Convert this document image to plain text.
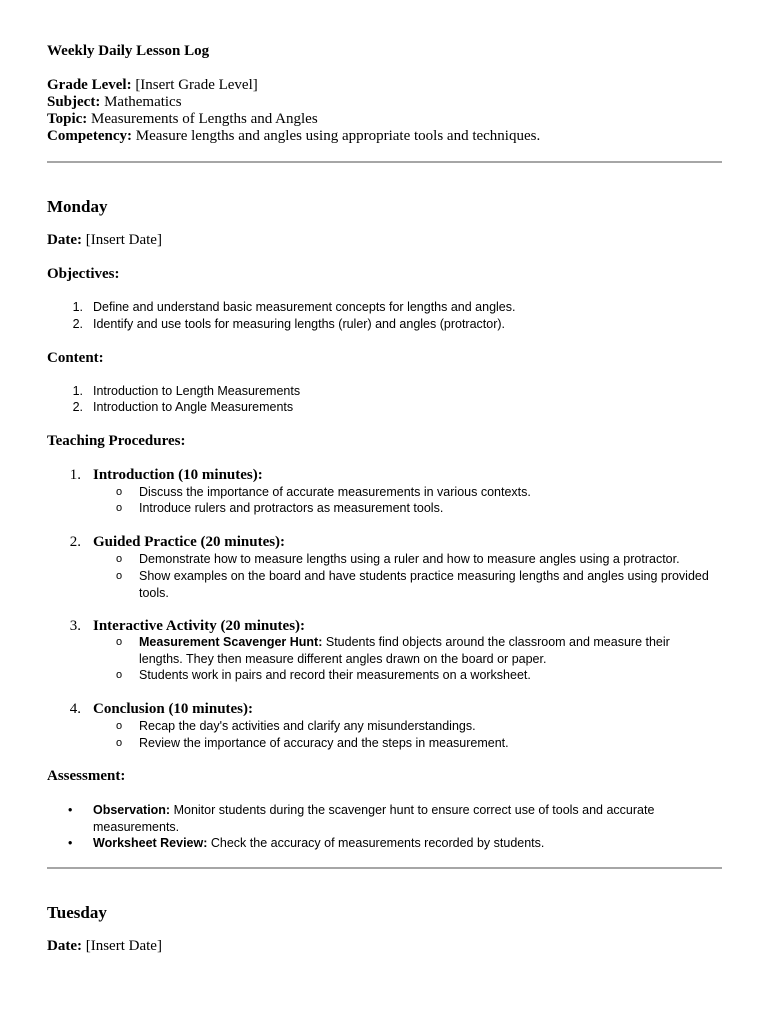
Weekly Daily Lesson Log
Grade Level: [Insert Grade Level]
Subject: Mathematics
Topic: Measurements of Lengths and Angles
Competency: Measure lengths and angles using appropriate tools and techniques.
Monday
Date: [Insert Date]
Objectives:
1. Define and understand basic measurement concepts for lengths and angles.
2. Identify and use tools for measuring lengths (ruler) and angles (protractor).
Content:
1. Introduction to Length Measurements
2. Introduction to Angle Measurements
Teaching Procedures:
1. Introduction (10 minutes):
o Discuss the importance of accurate measurements in various contexts.
o Introduce rulers and protractors as measurement tools.
2. Guided Practice (20 minutes):
o Demonstrate how to measure lengths using a ruler and how to measure angles using a protractor.
o Show examples on the board and have students practice measuring lengths and angles using provided tools.
3. Interactive Activity (20 minutes):
o Measurement Scavenger Hunt: Students find objects around the classroom and measure their lengths. They then measure different angles drawn on the board or paper.
o Students work in pairs and record their measurements on a worksheet.
4. Conclusion (10 minutes):
o Recap the day's activities and clarify any misunderstandings.
o Review the importance of accuracy and the steps in measurement.
Assessment:
• Observation: Monitor students during the scavenger hunt to ensure correct use of tools and accurate measurements.
• Worksheet Review: Check the accuracy of measurements recorded by students.
Tuesday
Date: [Insert Date]
